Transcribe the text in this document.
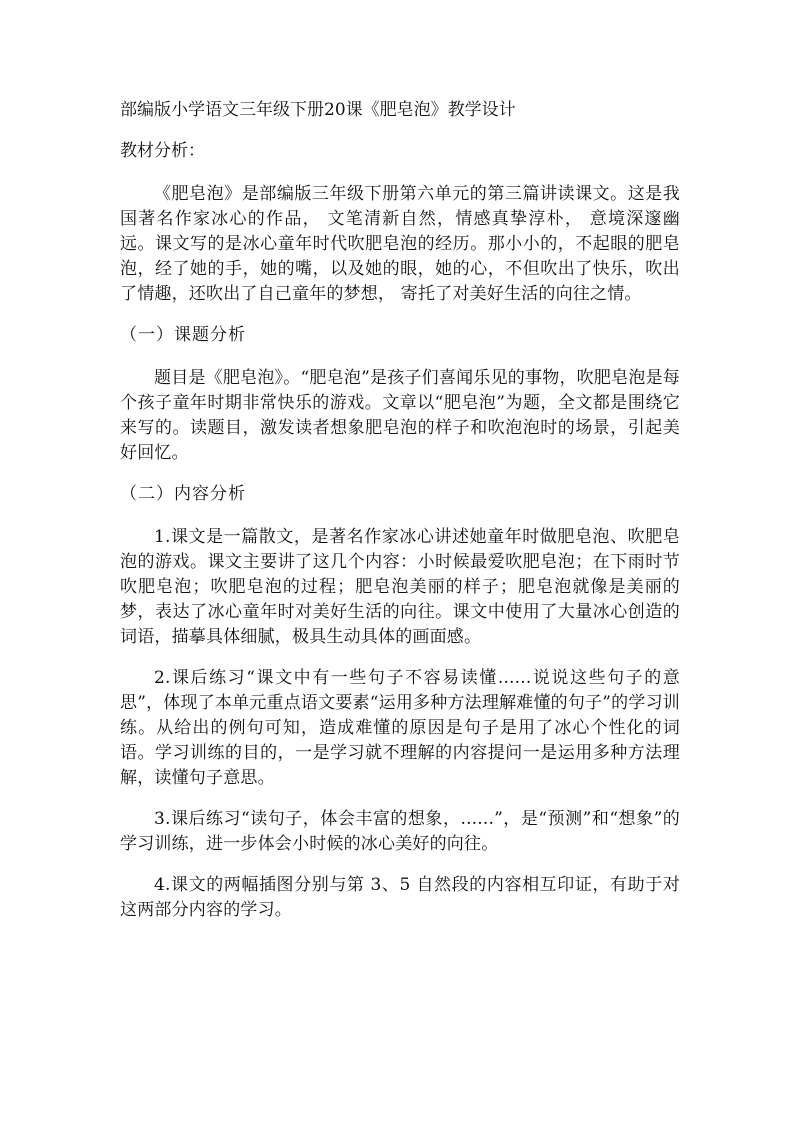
部编版小学语文三年级下册20课《肥皂泡》教学设计

教材分析：

《肥皂泡》是部编版三年级下册第六单元的第三篇讲读课文。这是我国著名作家冰心的作品， 文笔清新自然，情感真挚淳朴， 意境深邃幽远。课文写的是冰心童年时代吹肥皂泡的经历。那小小的，不起眼的肥皂泡，经了她的手，她的嘴，以及她的眼，她的心，不但吹出了快乐，吹出了情趣，还吹出了自己童年的梦想， 寄托了对美好生活的向往之情。

（一）课题分析

题目是《肥皂泡》。“肥皂泡”是孩子们喜闻乐见的事物，吹肥皂泡是每个孩子童年时期非常快乐的游戏。文章以“肥皂泡”为题，全文都是围绕它来写的。读题目，激发读者想象肥皂泡的样子和吹泡泡时的场景，引起美好回忆。

（二）内容分析

1.课文是一篇散文，是著名作家冰心讲述她童年时做肥皂泡、吹肥皂泡的游戏。课文主要讲了这几个内容：小时候最爱吹肥皂泡；在下雨时节吹肥皂泡；吹肥皂泡的过程；肥皂泡美丽的样子；肥皂泡就像是美丽的梦，表达了冰心童年时对美好生活的向往。课文中使用了大量冰心创造的词语，描摹具体细腻，极具生动具体的画面感。

2.课后练习“课文中有一些句子不容易读懂......说说这些句子的意思”，体现了本单元重点语文要素“运用多种方法理解难懂的句子”的学习训练。从给出的例句可知，造成难懂的原因是句子是用了冰心个性化的词语。学习训练的目的，一是学习就不理解的内容提问一是运用多种方法理解，读懂句子意思。

3.课后练习“读句子，体会丰富的想象，......”，是“预测”和“想象”的学习训练，进一步体会小时候的冰心美好的向往。

4.课文的两幅插图分别与第 3、5 自然段的内容相互印证，有助于对这两部分内容的学习。
